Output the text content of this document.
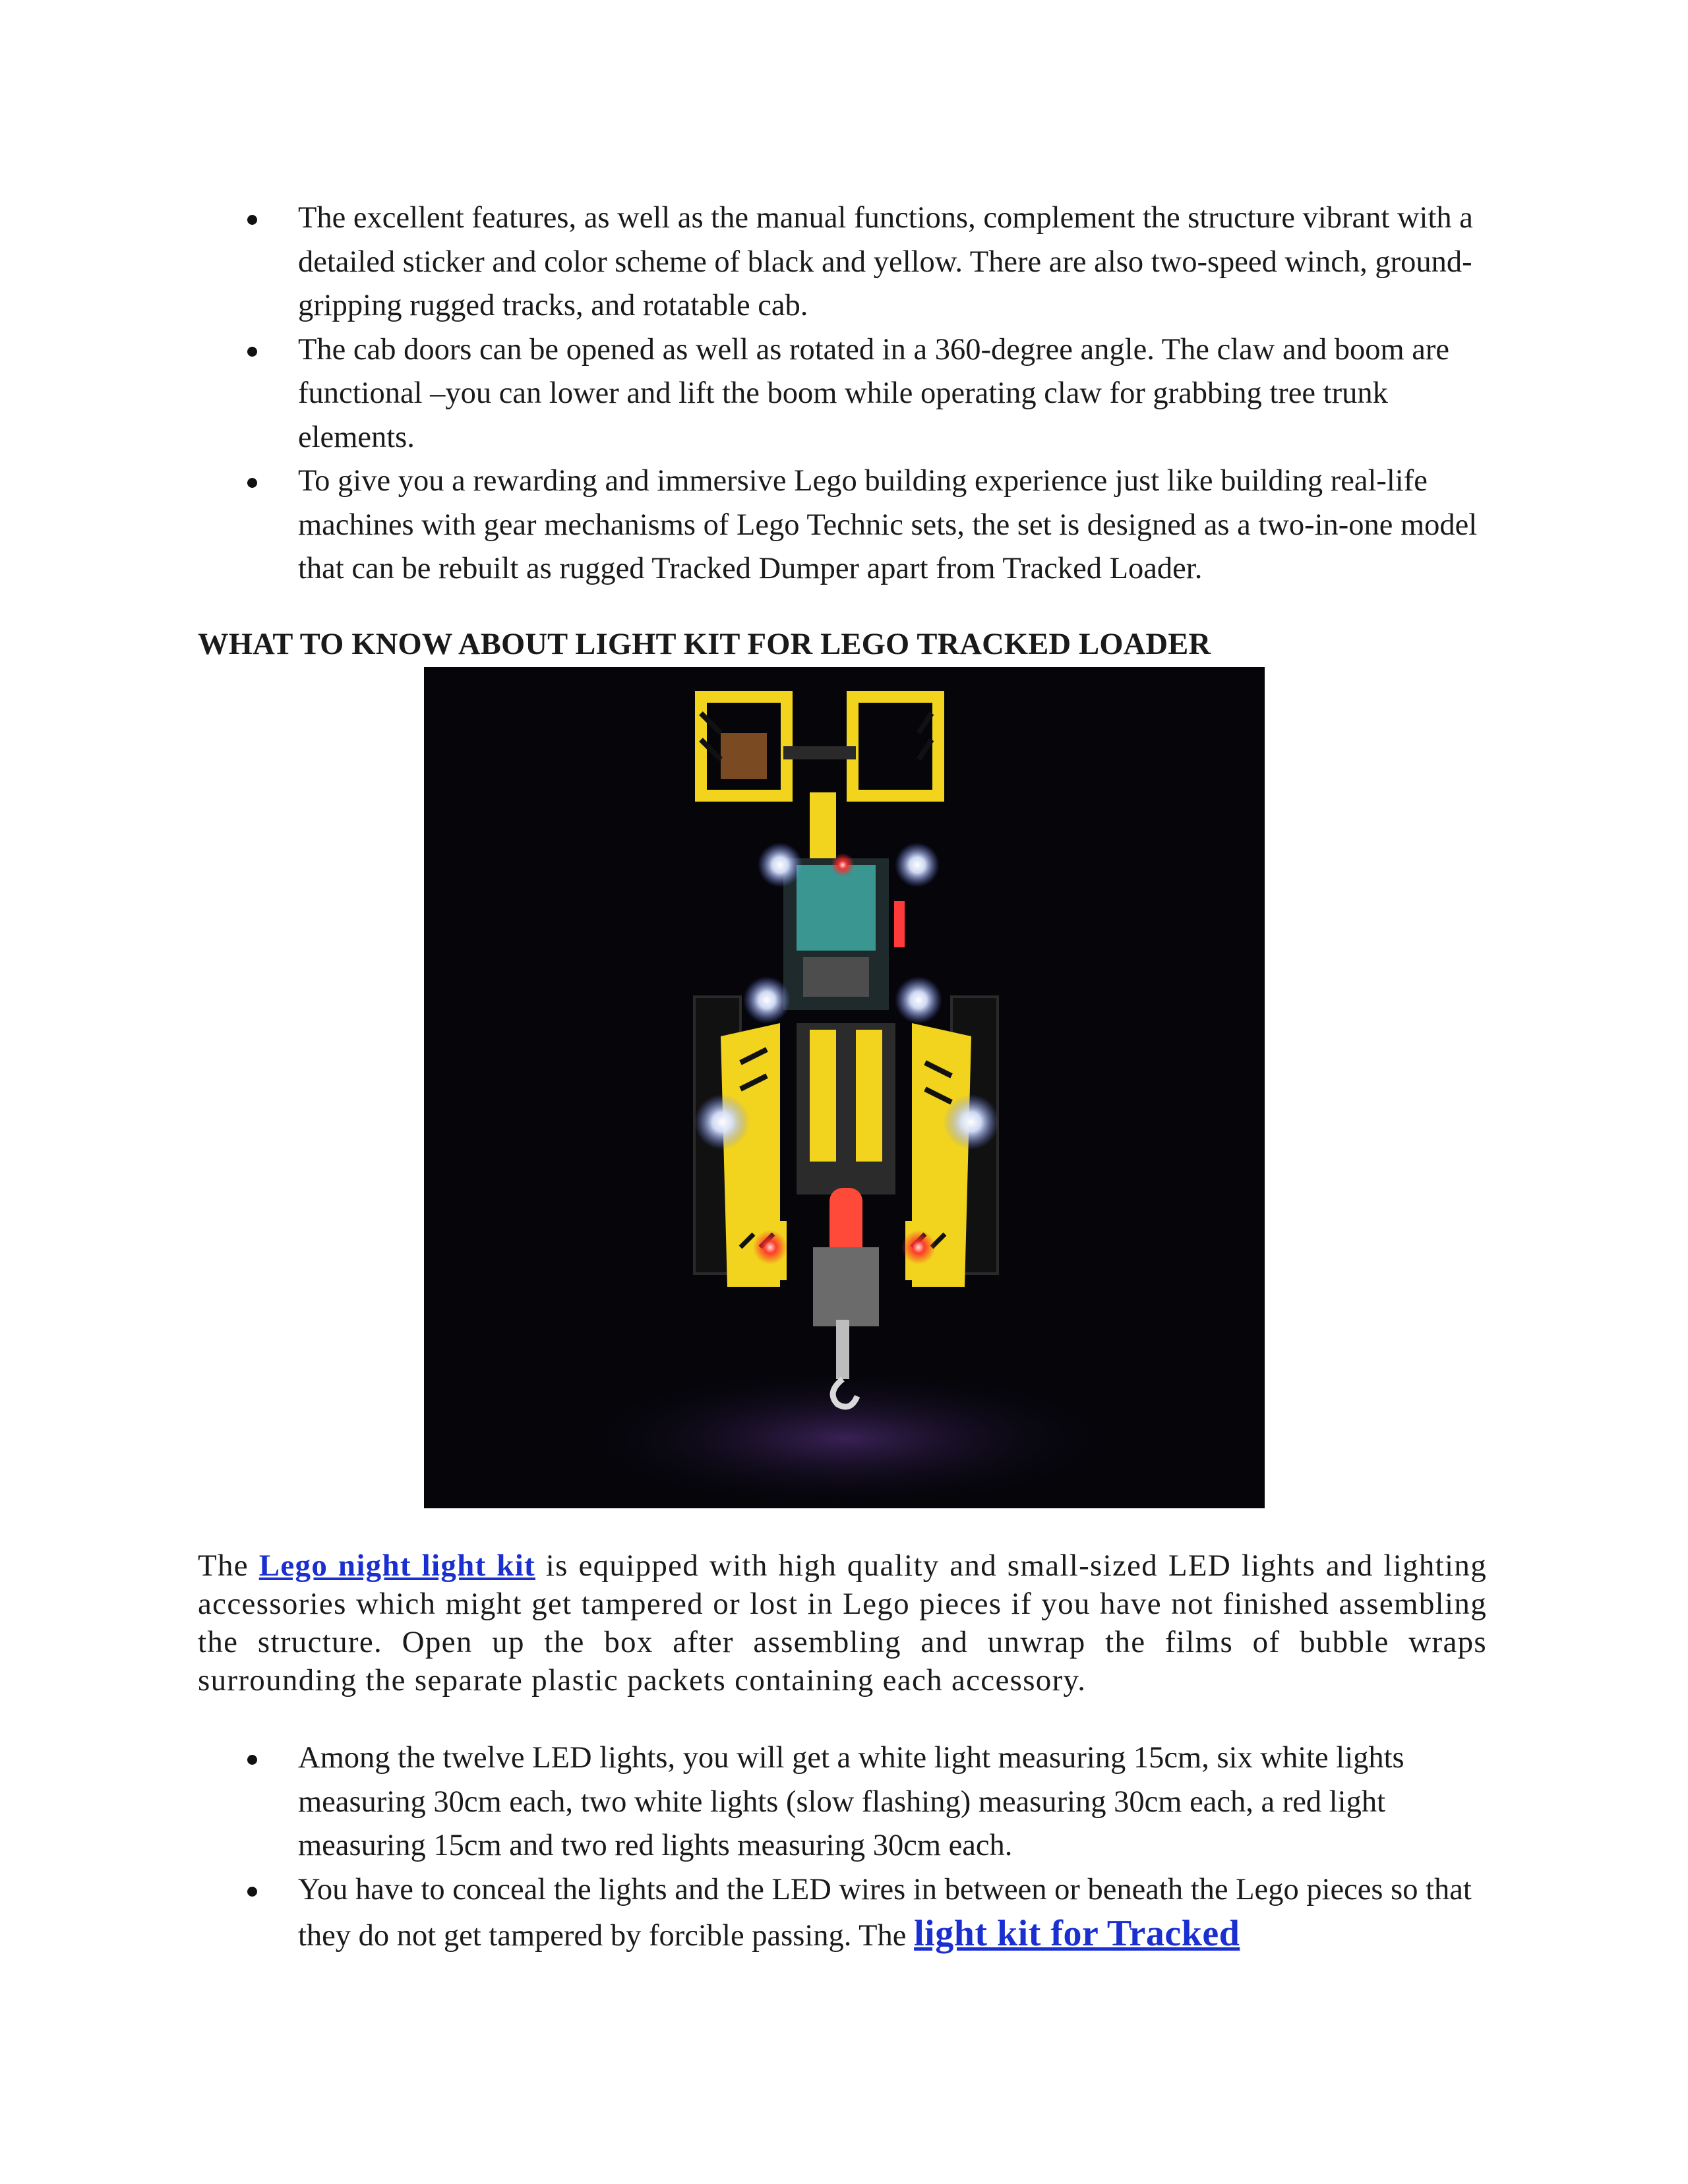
The excellent features, as well as the manual functions, complement the structure vibrant with a detailed sticker and color scheme of black and yellow. There are also two-speed winch, ground-gripping rugged tracks, and rotatable cab.
The cab doors can be opened as well as rotated in a 360-degree angle. The claw and boom are functional –you can lower and lift the boom while operating claw for grabbing tree trunk elements.
To give you a rewarding and immersive Lego building experience just like building real-life machines with gear mechanisms of Lego Technic sets, the set is designed as a two-in-one model that can be rebuilt as rugged Tracked Dumper apart from Tracked Loader.
WHAT TO KNOW ABOUT LIGHT KIT FOR LEGO TRACKED LOADER

The Lego night light kit is equipped with high quality and small-sized LED lights and lighting accessories which might get tampered or lost in Lego pieces if you have not finished assembling the structure. Open up the box after assembling and unwrap the films of bubble wraps surrounding the separate plastic packets containing each accessory.

Among the twelve LED lights, you will get a white light measuring 15cm, six white lights measuring 30cm each, two white lights (slow flashing) measuring 30cm each, a red light measuring 15cm and two red lights measuring 30cm each.
You have to conceal the lights and the LED wires in between or beneath the Lego pieces so that they do not get tampered by forcible passing. The light kit for Tracked
